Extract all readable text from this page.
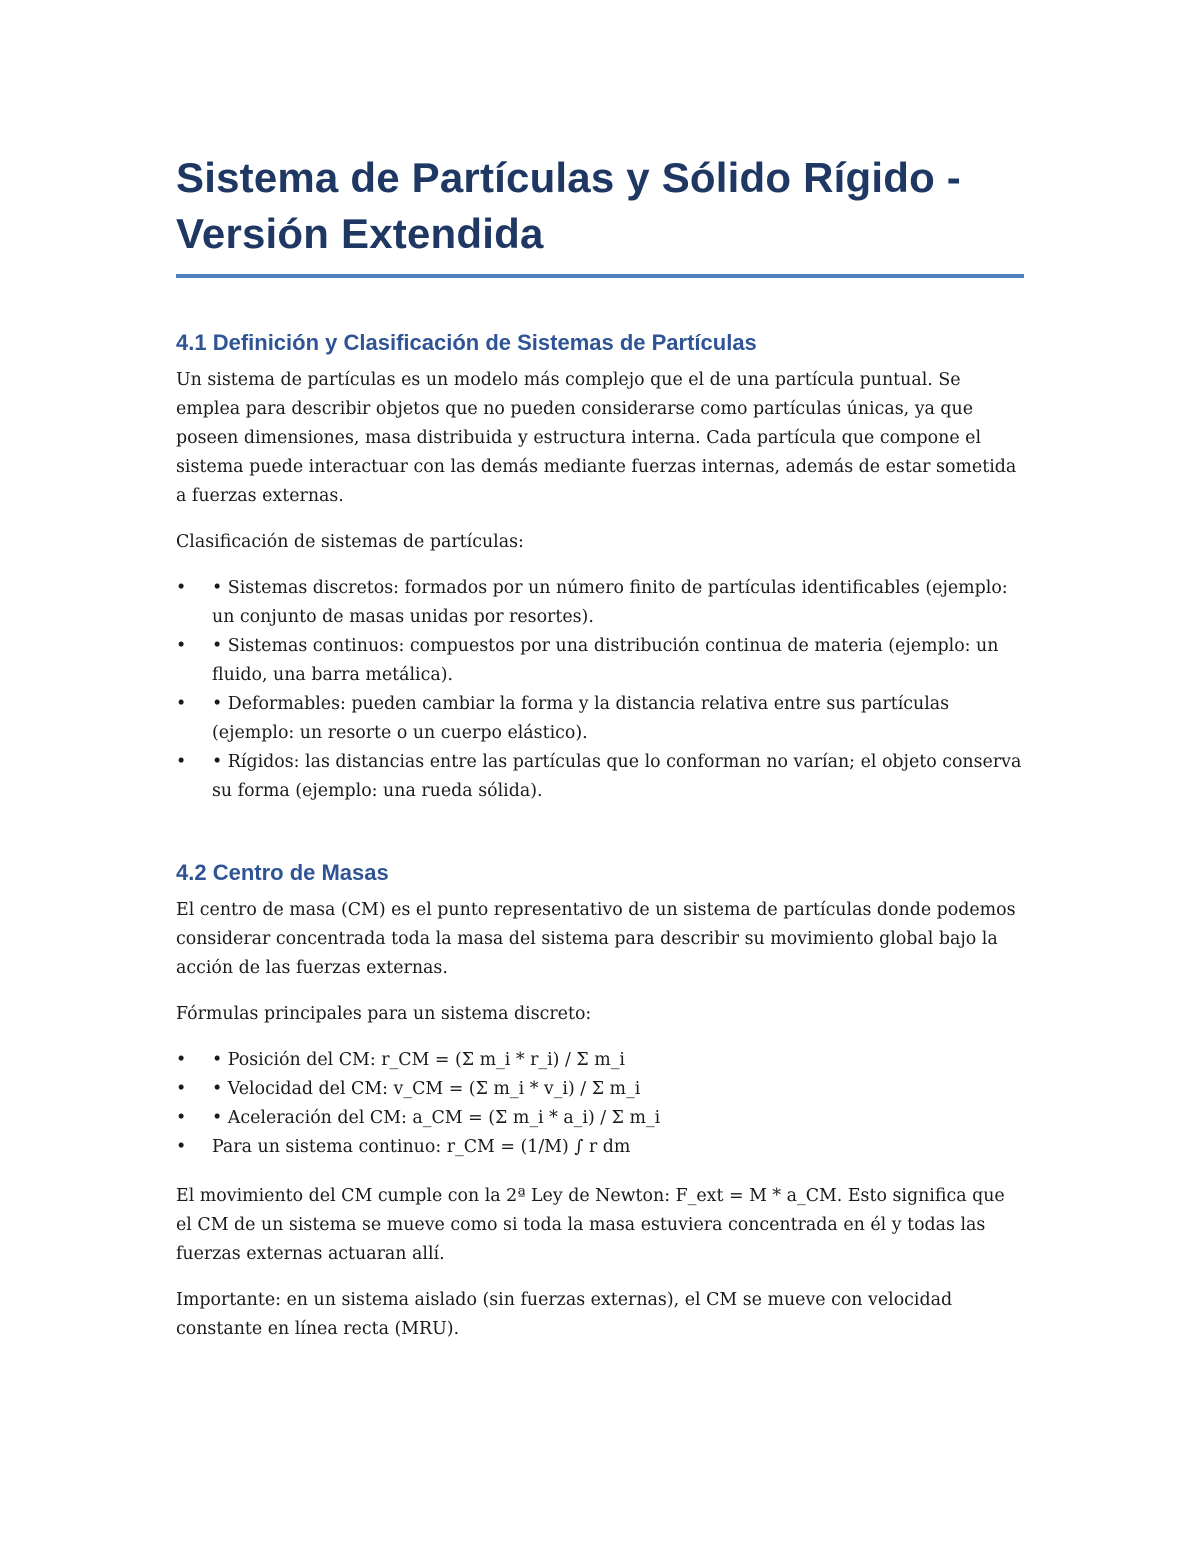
Sistema de Partículas y Sólido Rígido - Versión Extendida
4.1 Definición y Clasificación de Sistemas de Partículas

Un sistema de partículas es un modelo más complejo que el de una partícula puntual. Se emplea para describir objetos que no pueden considerarse como partículas únicas, ya que poseen dimensiones, masa distribuida y estructura interna. Cada partícula que compone el sistema puede interactuar con las demás mediante fuerzas internas, además de estar sometida a fuerzas externas.

Clasificación de sistemas de partículas:

• • Sistemas discretos: formados por un número finito de partículas identificables (ejemplo: un conjunto de masas unidas por resortes).
• • Sistemas continuos: compuestos por una distribución continua de materia (ejemplo: un fluido, una barra metálica).
• • Deformables: pueden cambiar la forma y la distancia relativa entre sus partículas (ejemplo: un resorte o un cuerpo elástico).
• • Rígidos: las distancias entre las partículas que lo conforman no varían; el objeto conserva su forma (ejemplo: una rueda sólida).
4.2 Centro de Masas

El centro de masa (CM) es el punto representativo de un sistema de partículas donde podemos considerar concentrada toda la masa del sistema para describir su movimiento global bajo la acción de las fuerzas externas.

Fórmulas principales para un sistema discreto:

• • Posición del CM: r_CM = (Σ m_i * r_i) / Σ m_i
• • Velocidad del CM: v_CM = (Σ m_i * v_i) / Σ m_i
• • Aceleración del CM: a_CM = (Σ m_i * a_i) / Σ m_i
• Para un sistema continuo: r_CM = (1/M) ∫ r dm

El movimiento del CM cumple con la 2ª Ley de Newton: F_ext = M * a_CM. Esto significa que el CM de un sistema se mueve como si toda la masa estuviera concentrada en él y todas las fuerzas externas actuaran allí.

Importante: en un sistema aislado (sin fuerzas externas), el CM se mueve con velocidad constante en línea recta (MRU).
